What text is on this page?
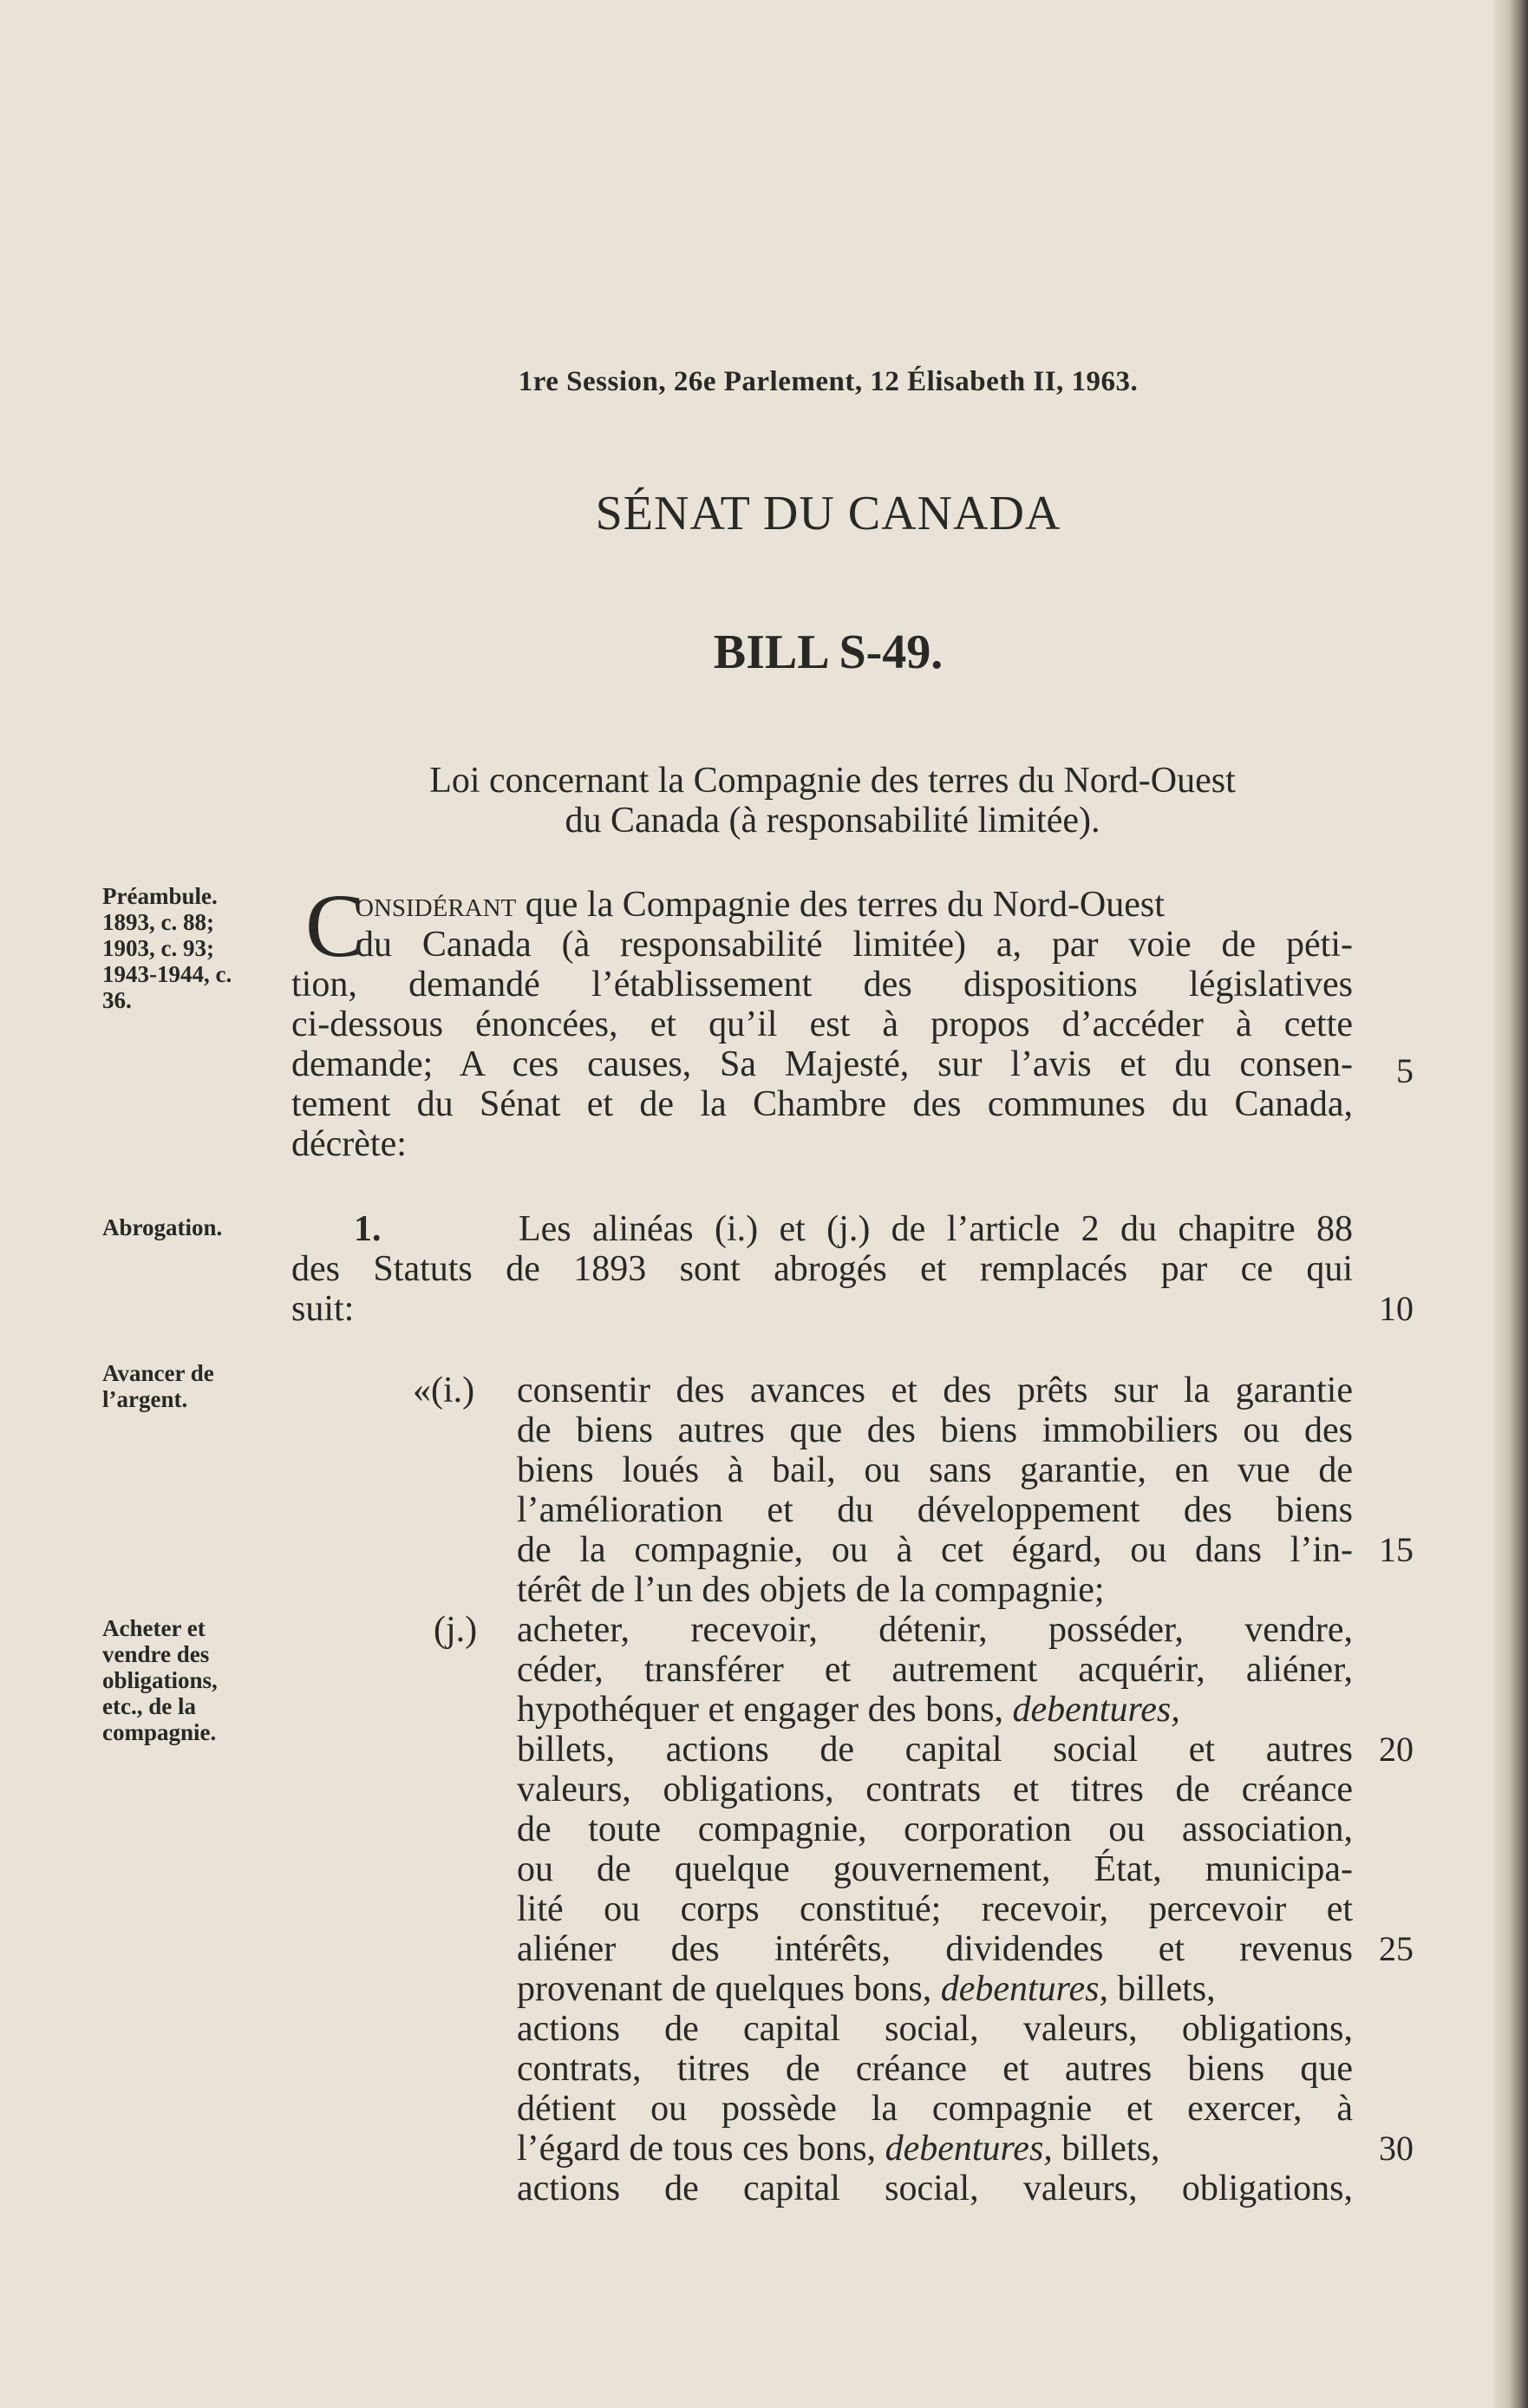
1re Session, 26e Parlement, 12 Élisabeth II, 1963.
SÉNAT DU CANADA
BILL S-49.
Loi concernant la Compagnie des terres du Nord-Ouest
du Canada (à responsabilité limitée).
Préambule.
1893, c. 88;
1903, c. 93;
1943-1944, c.
36.
Abrogation.
Avancer de
l’argent.
Acheter et
vendre des
obligations,
etc., de la
compagnie.
C
onsidérant que la Compagnie des terres du Nord-Ouest
du Canada (à responsabilité limitée) a, par voie de péti-
tion, demandé l’établissement des dispositions législatives
ci-dessous énoncées, et qu’il est à propos d’accéder à cette
demande; A ces causes, Sa Majesté, sur l’avis et du consen-
tement du Sénat et de la Chambre des communes du Canada,
décrète:
1.	Les alinéas (i.) et (j.) de l’article 2 du chapitre 88
des Statuts de 1893 sont abrogés et remplacés par ce qui
suit:
«(i.) consentir des avances et des prêts sur la garantie
de biens autres que des biens immobiliers ou des
biens loués à bail, ou sans garantie, en vue de
l’amélioration et du développement des biens
de la compagnie, ou à cet égard, ou dans l’in-
térêt de l’un des objets de la compagnie;
(j.) acheter, recevoir, détenir, posséder, vendre,
céder, transférer et autrement acquérir, aliéner,
hypothéquer et engager des bons, debentures,
billets, actions de capital social et autres
valeurs, obligations, contrats et titres de créance
de toute compagnie, corporation ou association,
ou de quelque gouvernement, État, municipa-
lité ou corps constitué; recevoir, percevoir et
aliéner des intérêts, dividendes et revenus
provenant de quelques bons, debentures, billets,
actions de capital social, valeurs, obligations,
contrats, titres de créance et autres biens que
détient ou possède la compagnie et exercer, à
l’égard de tous ces bons, debentures, billets,
actions de capital social, valeurs, obligations,
5
10
15
20
25
30
